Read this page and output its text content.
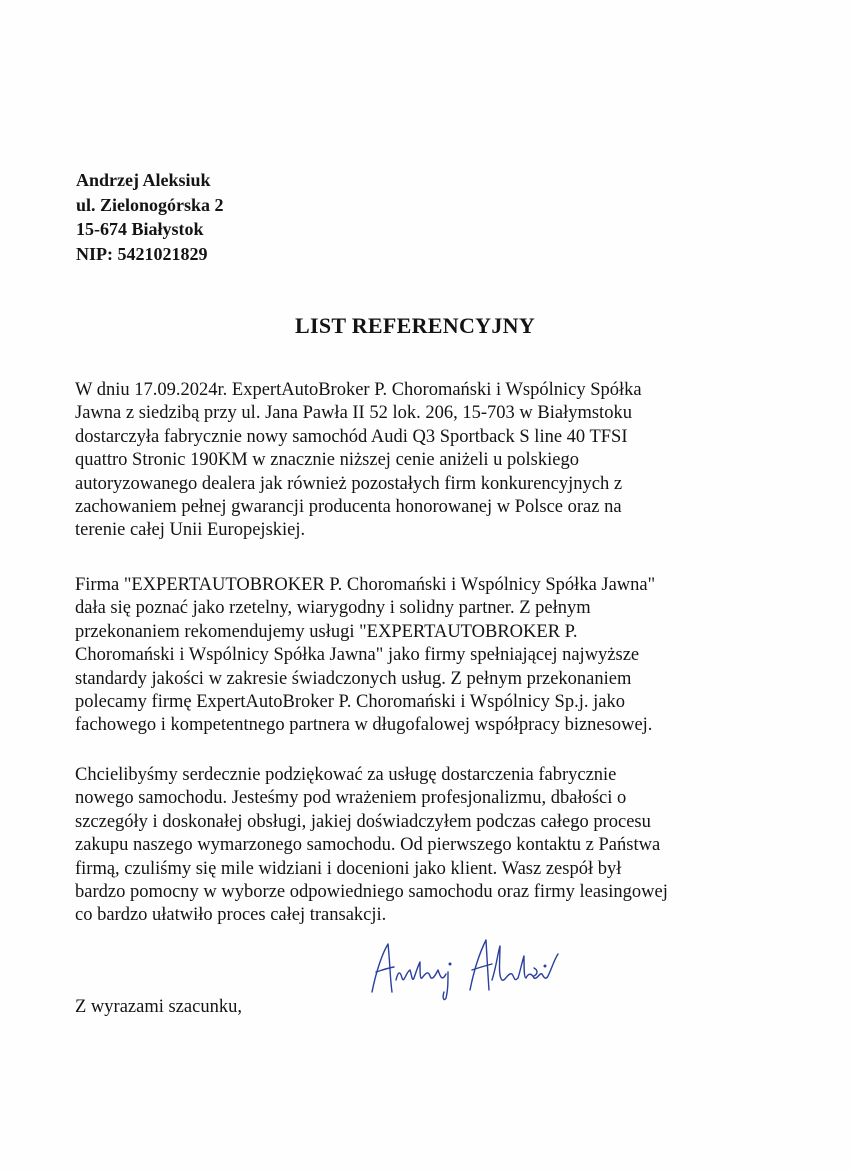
Andrzej Aleksiuk
ul. Zielonogórska 2
15-674 Białystok
NIP: 5421021829
LIST REFERENCYJNY
W dniu 17.09.2024r. ExpertAutoBroker P. Choromański i Wspólnicy Spółka
Jawna z siedzibą przy ul. Jana Pawła II 52 lok. 206, 15-703 w Białymstoku
dostarczyła fabrycznie nowy samochód Audi Q3 Sportback S line 40 TFSI
quattro Stronic 190KM w znacznie niższej cenie aniżeli u polskiego
autoryzowanego dealera jak również pozostałych firm konkurencyjnych z
zachowaniem pełnej gwarancji producenta honorowanej w Polsce oraz na
terenie całej Unii Europejskiej.
Firma "EXPERTAUTOBROKER P. Choromański i Wspólnicy Spółka Jawna"
dała się poznać jako rzetelny, wiarygodny i solidny partner. Z pełnym
przekonaniem rekomendujemy usługi "EXPERTAUTOBROKER P.
Choromański i Wspólnicy Spółka Jawna" jako firmy spełniającej najwyższe
standardy jakości w zakresie świadczonych usług. Z pełnym przekonaniem
polecamy firmę ExpertAutoBroker P. Choromański i Wspólnicy Sp.j. jako
fachowego i kompetentnego partnera w długofalowej współpracy biznesowej.
Chcielibyśmy serdecznie podziękować za usługę dostarczenia fabrycznie
nowego samochodu. Jesteśmy pod wrażeniem profesjonalizmu, dbałości o
szczegóły i doskonałej obsługi, jakiej doświadczyłem podczas całego procesu
zakupu naszego wymarzonego samochodu. Od pierwszego kontaktu z Państwa
firmą, czuliśmy się mile widziani i docenioni jako klient. Wasz zespół był
bardzo pomocny w wyborze odpowiedniego samochodu oraz firmy leasingowej
co bardzo ułatwiło proces całej transakcji.
Z wyrazami szacunku,
